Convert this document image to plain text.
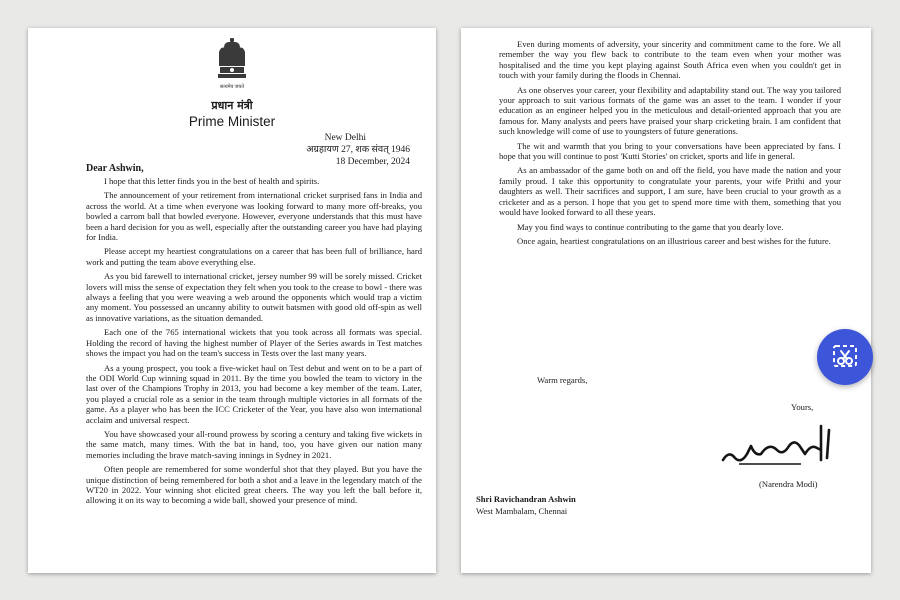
सत्यमेव जयते
प्रधान मंत्री
Prime Minister
New Delhi
अग्रहायण 27, शक संवत् 1946
18 December, 2024
Dear Ashwin,

I hope that this letter finds you in the best of health and spirits.

The announcement of your retirement from international cricket surprised fans in India and across the world. At a time when everyone was looking forward to many more off-breaks, you bowled a carrom ball that bowled everyone. However, everyone understands that this must have been a hard decision for you as well, especially after the outstanding career you have had playing for India.

Please accept my heartiest congratulations on a career that has been full of brilliance, hard work and putting the team above everything else.

As you bid farewell to international cricket, jersey number 99 will be sorely missed. Cricket lovers will miss the sense of expectation they felt when you took to the crease to bowl - there was always a feeling that you were weaving a web around the opponents which would trap a victim any moment. You possessed an uncanny ability to outwit batsmen with good old off-spin as well as innovative variations, as the situation demanded.

Each one of the 765 international wickets that you took across all formats was special. Holding the record of having the highest number of Player of the Series awards in Test matches shows the impact you had on the team's success in Tests over the last many years.

As a young prospect, you took a five-wicket haul on Test debut and went on to be a part of the ODI World Cup winning squad in 2011. By the time you bowled the team to victory in the last over of the Champions Trophy in 2013, you had become a key member of the team. Later, you played a crucial role as a senior in the team through multiple victories in all formats of the game. As a player who has been the ICC Cricketer of the Year, you have also won international acclaim and universal respect.

You have showcased your all-round prowess by scoring a century and taking five wickets in the same match, many times. With the bat in hand, too, you have given our nation many memories including the brave match-saving innings in Sydney in 2021.

Often people are remembered for some wonderful shot that they played. But you have the unique distinction of being remembered for both a shot and a leave in the legendary match of the WT20 in 2022. Your winning shot elicited great cheers. The way you left the ball before it, allowing it on its way to becoming a wide ball, showed your presence of mind.

Even during moments of adversity, your sincerity and commitment came to the fore. We all remember the way you flew back to contribute to the team even when your mother was hospitalised and the time you kept playing against South Africa even when you couldn't get in touch with your family during the floods in Chennai.

As one observes your career, your flexibility and adaptability stand out. The way you tailored your approach to suit various formats of the game was an asset to the team. I wonder if your education as an engineer helped you in the meticulous and detail-oriented approach that you are famous for. Many analysts and peers have praised your sharp cricketing brain. I am confident that such knowledge will come of use to youngsters of future generations.

The wit and warmth that you bring to your conversations have been appreciated by fans. I hope that you will continue to post 'Kutti Stories' on cricket, sports and life in general.

As an ambassador of the game both on and off the field, you have made the nation and your family proud. I take this opportunity to congratulate your parents, your wife Prithi and your daughters as well. Their sacrifices and support, I am sure, have been crucial to your growth as a cricketer and as a person. I hope that you get to spend more time with them, something that you would have looked forward to all these years.

May you find ways to continue contributing to the game that you dearly love.

Once again, heartiest congratulations on an illustrious career and best wishes for the future.

Warm regards,
Yours,
(Narendra Modi)
Shri Ravichandran Ashwin
West Mambalam, Chennai
